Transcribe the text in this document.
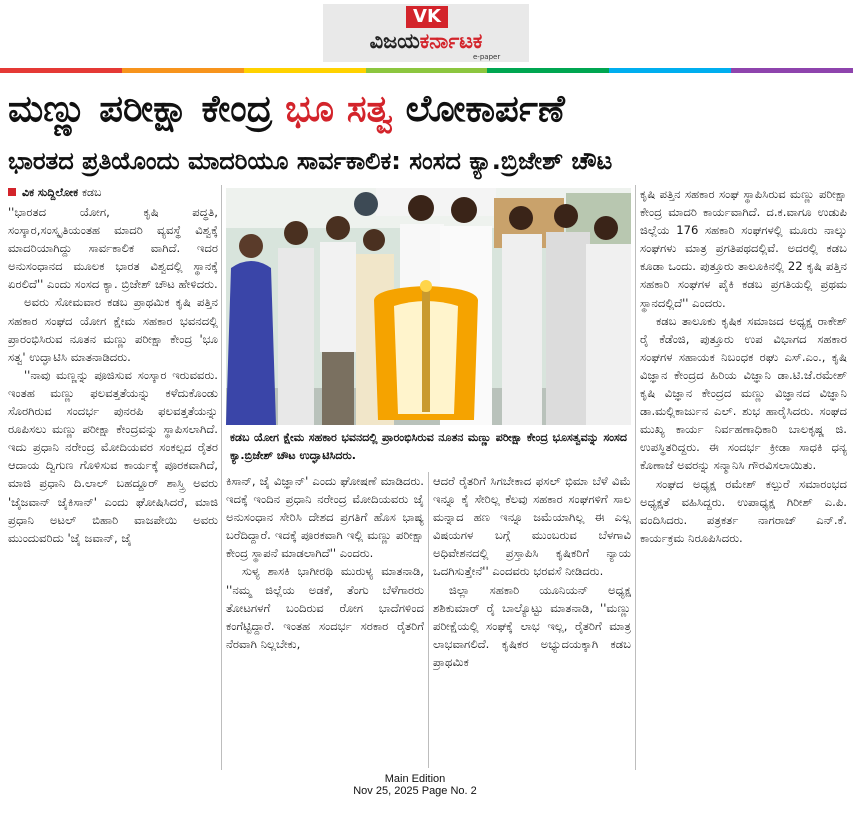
VK
ವಿಜಯಕರ್ನಾಟಕ
e-paper
ಮಣ್ಣು ಪರೀಕ್ಷಾ ಕೇಂದ್ರ ಭೂ ಸತ್ವ ಲೋಕಾರ್ಪಣೆ
ಭಾರತದ ಪ್ರತಿಯೊಂದು ಮಾದರಿಯೂ ಸಾರ್ವಕಾಲಿಕ: ಸಂಸದ ಕ್ಯಾ.ಬ್ರಿಜೇಶ್ ಚೌಟ
ವಿಕ ಸುದ್ದಿಲೋಕ ಕಡಬ

''ಭಾರತದ ಯೋಗ, ಕೃಷಿ ಪದ್ಧತಿ, ಸಂಸ್ಕಾರ,ಸಂಸ್ಕೃತಿಯಂತಹ ಮಾದರಿ ವ್ಯವಸ್ಥೆ ವಿಶ್ವಕ್ಕೆ ಮಾದರಿಯಾಗಿದ್ದು ಸಾರ್ವಕಾಲಿಕ ವಾಗಿದೆ. ಇದರ ಅನುಸಂಧಾನದ ಮೂಲಕ ಭಾರತ ವಿಶ್ವದಲ್ಲಿ ಸ್ಥಾನಕ್ಕೆ ಏರಲಿದೆ'' ಎಂದು ಸಂಸದ ಕ್ಯಾ. ಬ್ರಿಜೇಶ್ ಚೌಟ ಹೇಳಿದರು.

ಅವರು ಸೋಮವಾರ ಕಡಬ ಪ್ರಾಥಮಿಕ ಕೃಷಿ ಪತ್ತಿನ ಸಹಕಾರ ಸಂಘದ ಯೋಗ ಕ್ಷೇಮ ಸಹಕಾರ ಭವನದಲ್ಲಿ ಪ್ರಾರಂಭಿಸಿರುವ ನೂತನ ಮಣ್ಣು ಪರೀಕ್ಷಾ ಕೇಂದ್ರ 'ಭೂ ಸತ್ವ' ಉದ್ಘಾಟಿಸಿ ಮಾತನಾಡಿದರು.

''ನಾವು ಮಣ್ಣನ್ನು ಪೂಜಿಸುವ ಸಂಸ್ಕಾರ ಇರುವವರು. ಇಂತಹ ಮಣ್ಣು ಫಲವತ್ತತೆಯನ್ನು ಕಳೆದುಕೊಂಡು ಸೊರಗಿರುವ ಸಂದರ್ಭ ಪುನರಪಿ ಫಲವತ್ತತೆಯನ್ನು ರೂಪಿಸಲು ಮಣ್ಣು ಪರೀಕ್ಷಾ ಕೇಂದ್ರವನ್ನು ಸ್ಥಾಪಿಸಲಾಗಿದೆ. ಇದು ಪ್ರಧಾನಿ ನರೇಂದ್ರ ಮೋದಿಯವರ ಸಂಕಲ್ಪದ ರೈತರ ಆದಾಯ ದ್ವಿಗುಣ ಗೊಳಿಸುವ ಕಾರ್ಯಕ್ಕೆ ಪೂರಕವಾಗಿದೆ, ಮಾಜಿ ಪ್ರಧಾನಿ ದಿ.ಲಾಲ್ ಬಹದ್ದೂರ್ ಶಾಸ್ತ್ರಿ ಅವರು 'ಜೈಜವಾನ್ ಜೈಕಿಸಾನ್' ಎಂದು ಘೋಷಿಸಿದರೆ, ಮಾಜಿ ಪ್ರಧಾನಿ ಅಟಲ್ ಬಿಹಾರಿ ವಾಜಪೇಯಿ ಅವರು ಮುಂದುವರಿದು 'ಜೈ ಜವಾನ್, ಜೈ

ಕಡಬ ಯೋಗ ಕ್ಷೇಮ ಸಹಕಾರ ಭವನದಲ್ಲಿ ಪ್ರಾರಂಭಿಸಿರುವ ನೂತನ ಮಣ್ಣು ಪರೀಕ್ಷಾ ಕೇಂದ್ರ ಭೂಸತ್ವವನ್ನು ಸಂಸದ ಕ್ಯಾ.ಬ್ರಿಜೇಶ್ ಚೌಟ ಉದ್ಘಾಟಿಸಿದರು.

ಕಿಸಾನ್, ಜೈ ವಿಜ್ಞಾನ್' ಎಂದು ಘೋಷಣೆ ಮಾಡಿದರು. ಇದಕ್ಕೆ ಇಂದಿನ ಪ್ರಧಾನಿ ನರೇಂದ್ರ ಮೋದಿಯವರು ಜೈ ಅನುಸಂಧಾನ ಸೇರಿಸಿ ದೇಶದ ಪ್ರಗತಿಗೆ ಹೊಸ ಭಾಷ್ಯ ಬರೆದಿದ್ದಾರೆ. ಇದಕ್ಕೆ ಪೂರಕವಾಗಿ ಇಲ್ಲಿ ಮಣ್ಣು ಪರೀಕ್ಷಾ ಕೇಂದ್ರ ಸ್ಥಾಪನೆ ಮಾಡಲಾಗಿದೆ'' ಎಂದರು.

ಸುಳ್ಯ ಶಾಸಕಿ ಭಾಗೀರಥಿ ಮುರುಳ್ಯ ಮಾತನಾಡಿ, ''ನಮ್ಮ ಜಿಲ್ಲೆಯ ಅಡಕೆ, ತೆಂಗು ಬೆಳೆಗಾರರು ತೋಟಗಳಗೆ ಬಂದಿರುವ ರೋಗ ಭಾದೆಗಳಿಂದ ಕಂಗೆಟ್ಟಿದ್ದಾರೆ. ಇಂತಹ ಸಂದರ್ಭ ಸರಕಾರ ರೈತರಿಗೆ ನೆರವಾಗಿ ನಿಲ್ಲಬೇಕು,

ಆದರೆ ರೈತರಿಗೆ ಸಿಗಬೇಕಾದ ಫಸಲ್ ಭಿಮಾ ಬೆಳೆ ವಿಮೆ ಇನ್ನೂ ಕೈ ಸೇರಿಲ್ಲ ಕೆಲವು ಸಹಕಾರ ಸಂಘಗಳಿಗೆ ಸಾಲ ಮನ್ನಾದ ಹಣ ಇನ್ನೂ ಜಮೆಯಾಗಿಲ್ಲ ಈ ಎಲ್ಲ ವಿಷಯಗಳ ಬಗ್ಗೆ ಮುಂಬರುವ ಬೆಳಗಾವಿ ಅಧಿವೇಶನದಲ್ಲಿ ಪ್ರಸ್ತಾಪಿಸಿ ಕೃಷಿಕರಿಗೆ ನ್ಯಾಯ ಒದಗಿಸುತ್ತೇನೆ'' ಎಂದವರು ಭರವಸೆ ನೀಡಿದರು.

ಜಿಲ್ಲಾ ಸಹಕಾರಿ ಯೂನಿಯನ್ ಅಧ್ಯಕ್ಷ ಶಶಿಕುಮಾರ್ ರೈ ಬಾಲ್ಯೊಟ್ಟು ಮಾತನಾಡಿ, ''ಮಣ್ಣು ಪರೀಕ್ಷೆಯಲ್ಲಿ ಸಂಘಕ್ಕೆ ಲಾಭ ಇಲ್ಲ, ರೈತರಿಗೆ ಮಾತ್ರ ಲಾಭವಾಗಲಿದೆ. ಕೃಷಿಕರ ಅಭ್ಯುದಯಕ್ಕಾಗಿ ಕಡಬ ಪ್ರಾಥಮಿಕ

ಕೃಷಿ ಪತ್ತಿನ ಸಹಕಾರ ಸಂಘ ಸ್ಥಾಪಿಸಿರುವ ಮಣ್ಣು ಪರೀಕ್ಷಾ ಕೇಂದ್ರ ಮಾದರಿ ಕಾರ್ಯವಾಗಿದೆ. ದ.ಕ.ವಾಗೂ ಉಡುಪಿ ಜಿಲ್ಲೆಯ 176 ಸಹಕಾರಿ ಸಂಘಗಳಲ್ಲಿ ಮೂರು ನಾಲ್ಕು ಸಂಘಗಳು ಮಾತ್ರ ಪ್ರಗತಿಪಥದಲ್ಲಿವೆ. ಅದರಲ್ಲಿ ಕಡಬ ಕೂಡಾ ಒಂದು. ಪುತ್ತೂರು ತಾಲೂಕಿನಲ್ಲಿ 22 ಕೃಷಿ ಪತ್ತಿನ ಸಹಕಾರಿ ಸಂಘಗಳ ಪೈಕಿ ಕಡಬ ಪ್ರಗತಿಯಲ್ಲಿ ಪ್ರಥಮ ಸ್ಥಾನದಲ್ಲಿದೆ'' ಎಂದರು.

ಕಡಬ ತಾಲೂಕು ಕೃಷಿಕ ಸಮಾಜದ ಅಧ್ಯಕ್ಷ ರಾಕೇಶ್ ರೈ ಕೆಡೆಂಜಿ, ಪುತ್ತೂರು ಉಪ ವಿಭಾಗದ ಸಹಕಾರ ಸಂಘಗಳ ಸಹಾಯಕ ನಿಬಂಧಕ ರಘು ಎಸ್.ಎಂ., ಕೃಷಿ ವಿಜ್ಞಾನ ಕೇಂದ್ರದ ಹಿರಿಯ ವಿಜ್ಞಾನಿ ಡಾ.ಟಿ.ಜೆ.ರಮೇಶ್ ಕೃಷಿ ವಿಜ್ಞಾನ ಕೇಂದ್ರದ ಮಣ್ಣು ವಿಜ್ಞಾನದ ವಿಜ್ಞಾನಿ ಡಾ.ಮಲ್ಲಿಕಾರ್ಜುನ ಎಲ್. ಶುಭ ಹಾರೈಸಿದರು. ಸಂಘದ ಮುಖ್ಯ ಕಾರ್ಯ ನಿರ್ವಹಣಾಧಿಕಾರಿ ಬಾಲಕೃಷ್ಣ ಜಿ. ಉಪಸ್ಥಿತರಿದ್ದರು. ಈ ಸಂದರ್ಭ ಕ್ರೀಡಾ ಸಾಧಕಿ ಧನ್ಯ ಕೊಣಾಜೆ ಅವರನ್ನು ಸನ್ಮಾನಿಸಿ ಗೌರವಿಸಲಾಯಿತು.

ಸಂಘದ ಅಧ್ಯಕ್ಷ ರಮೇಶ್ ಕಲ್ಪುರೆ ಸಮಾರಂಭದ ಅಧ್ಯಕ್ಷತೆ ವಹಿಸಿದ್ದರು. ಉಪಾಧ್ಯಕ್ಷ ಗಿರೀಶ್ ಎ.ಪಿ. ವಂದಿಸಿದರು. ಪತ್ರಕರ್ತ ನಾಗರಾಜ್ ಎನ್.ಕೆ. ಕಾರ್ಯಕ್ರಮ ನಿರೂಪಿಸಿದರು.

Main Edition
Nov 25, 2025 Page No. 2
